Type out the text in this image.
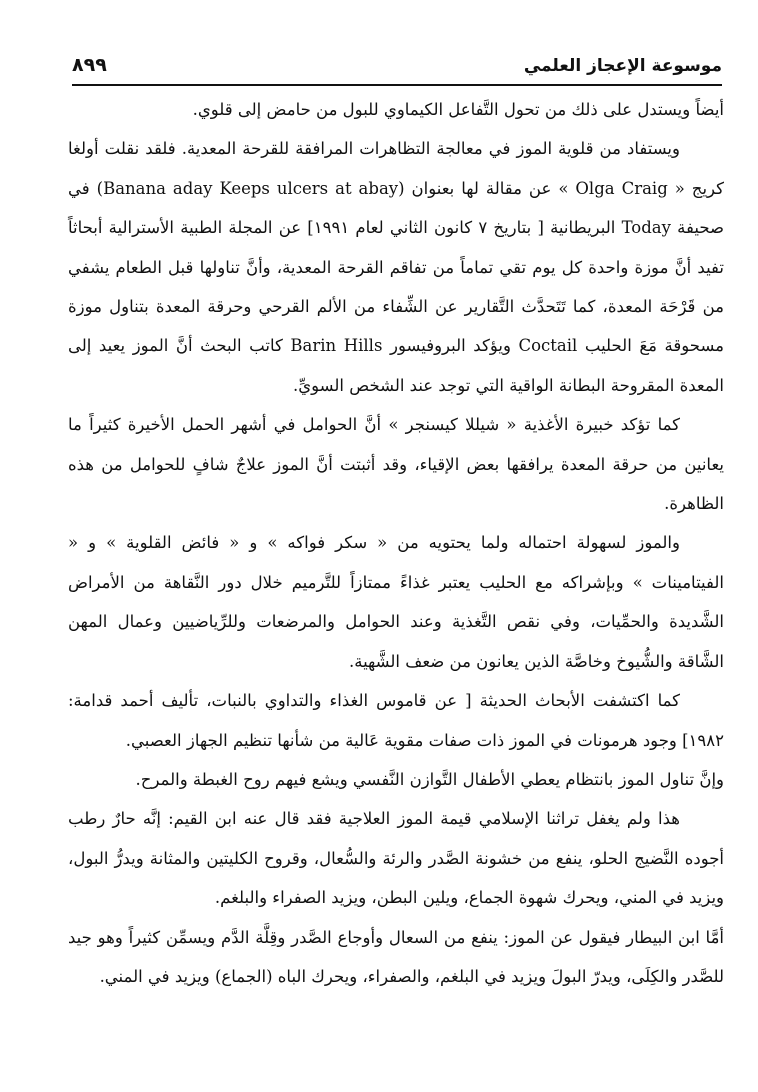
موسوعة الإعجاز العلمي
٨٩٩

أيضاً ويستدل على ذلك من تحول التَّفاعل الكيماوي للبول من حامض إلى قلوي.

ويستفاد من قلوية الموز في معالجة التظاهرات المرافقة للقرحة المعدية. فلقد نقلت أولغا كريج « Olga Craig » عن مقالة لها بعنوان (Banana aday Keeps ulcers at abay) في صحيفة Today البريطانية [ بتاريخ ٧ كانون الثاني لعام ١٩٩١] عن المجلة الطبية الأسترالية أبحاثاً تفيد أنَّ موزة واحدة كل يوم تقي تماماً من تفاقم القرحة المعدية، وأنَّ تناولها قبل الطعام يشفي من قَرْحَة المعدة، كما تَتَحدَّث التَّقارير عن الشِّفاء من الألم القرحي وحرقة المعدة بتناول موزة مسحوقة مَعَ الحليب Coctail ويؤكد البروفيسور Barin Hills كاتب البحث أنَّ الموز يعيد إلى المعدة المقروحة البطانة الواقية التي توجد عند الشخص السويِّ.

كما تؤكد خبيرة الأغذية « شيللا كيسنجر » أنَّ الحوامل في أشهر الحمل الأخيرة كثيراً ما يعانين من حرقة المعدة يرافقها بعض الإقياء، وقد أثبتت أنَّ الموز علاجٌ شافٍ للحوامل من هذه الظاهرة.

والموز لسهولة احتماله ولما يحتويه من « سكر فواكه » و « فائض القلوية » و « الفيتامينات » وبإشراكه مع الحليب يعتبر غذاءً ممتازاً للتَّرميم خلال دور النَّقاهة من الأمراض الشَّديدة والحمِّيات، وفي نقص التَّغذية وعند الحوامل والمرضعات وللرِّياضيين وعمال المهن الشَّاقة والشُّيوخ وخاصَّة الذين يعانون من ضعف الشَّهية.

كما اكتشفت الأبحاث الحديثة [ عن قاموس الغذاء والتداوي بالنبات، تأليف أحمد قدامة: ١٩٨٢] وجود هرمونات في الموز ذات صفات مقوية عَالية من شأنها تنظيم الجهاز العصبي.

وإنَّ تناول الموز بانتظام يعطي الأطفال التَّوازن النَّفسي ويشع فيهم روح الغبطة والمرح.

هذا ولم يغفل تراثنا الإسلامي قيمة الموز العلاجية فقد قال عنه ابن القيم: إنَّه حارٌ رطب أجوده النَّضيج الحلو، ينفع من خشونة الصَّدر والرئة والسُّعال، وقروح الكليتين والمثانة ويدرُّ البول، ويزيد في المني، ويحرك شهوة الجماع، ويلين البطن، ويزيد الصفراء والبلغم.

أمَّا ابن البيطار فيقول عن الموز: ينفع من السعال وأوجاع الصَّدر وقِلَّة الدَّم ويسمِّن كثيراً وهو جيد للصَّدر والكِلَى، ويدرّ البولَ ويزيد في البلغم، والصفراء، ويحرك الباه (الجماع) ويزيد في المني.
